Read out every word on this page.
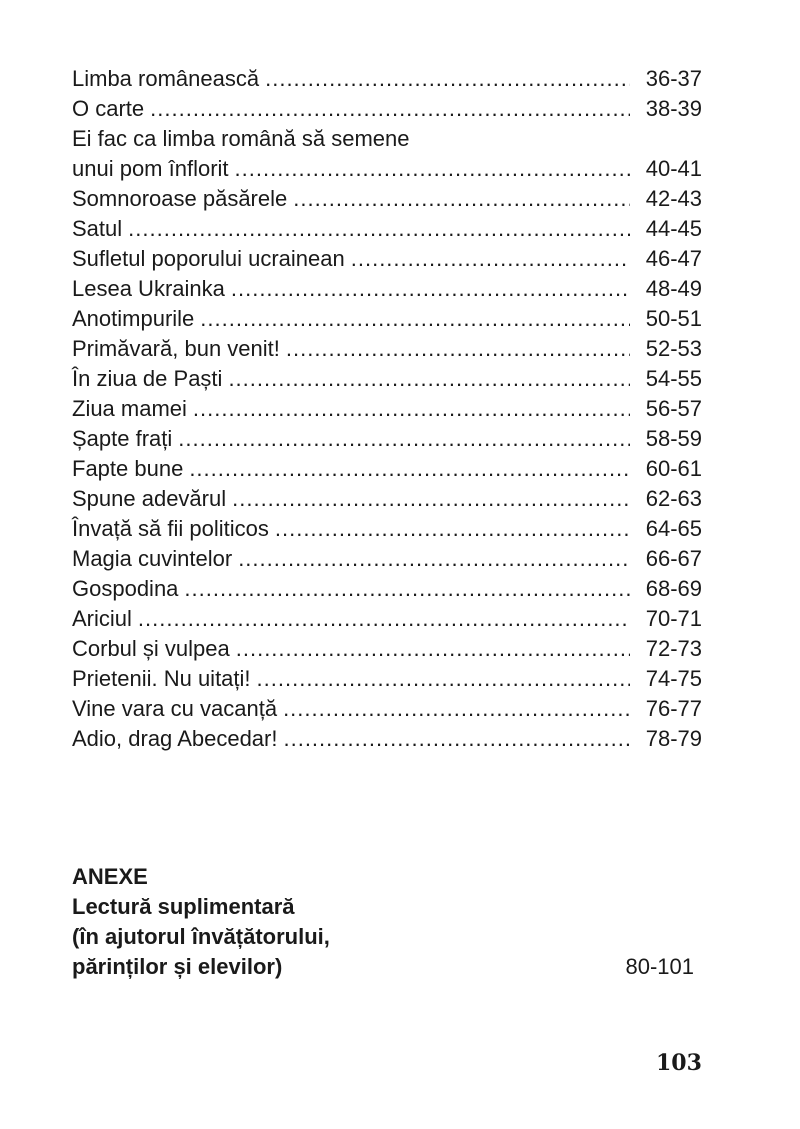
Limba românească .....	36-37
O carte .....	38-39
Ei fac ca limba română să semene
unui pom înflorit .....	40-41
Somnoroase păsărele .....	42-43
Satul .....	44-45
Sufletul poporului ucrainean .....	46-47
Lesea Ukrainka .....	48-49
Anotimpurile .....	50-51
Primăvară, bun venit! .....	52-53
În ziua de Paști .....	54-55
Ziua mamei .....	56-57
Șapte frați .....	58-59
Fapte bune .....	60-61
Spune adevărul .....	62-63
Învață să fii politicos .....	64-65
Magia cuvintelor .....	66-67
Gospodina .....	68-69
Ariciul .....	70-71
Corbul și vulpea .....	72-73
Prietenii. Nu uitați! .....	74-75
Vine vara cu vacanță .....	76-77
Adio, drag Abecedar! .....	78-79
ANEXE
Lectură suplimentară
(în ajutorul învățătorului,
părinților și elevilor)	80-101
103
